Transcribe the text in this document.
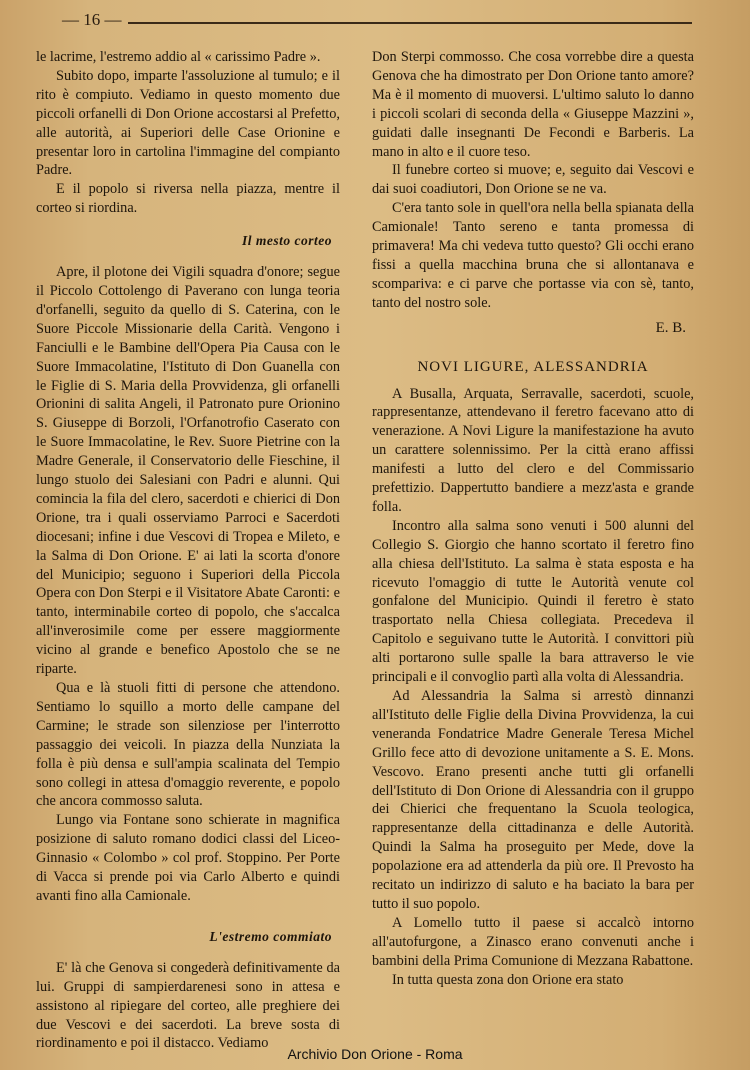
— 16 —

le lacrime, l'estremo addio al « carissimo Padre ».

Subito dopo, imparte l'assoluzione al tumulo; e il rito è compiuto. Vediamo in questo momento due piccoli orfanelli di Don Orione accostarsi al Prefetto, alle autorità, ai Superiori delle Case Orionine e presentar loro in cartolina l'immagine del compianto Padre.

E il popolo si riversa nella piazza, mentre il corteo si riordina.

Il mesto corteo

Apre, il plotone dei Vigili squadra d'onore; segue il Piccolo Cottolengo di Paverano con lunga teoria d'orfanelli, seguito da quello di S. Caterina, con le Suore Piccole Missionarie della Carità. Vengono i Fanciulli e le Bambine dell'Opera Pia Causa con le Suore Immacolatine, l'Istituto di Don Guanella con le Figlie di S. Maria della Provvidenza, gli orfanelli Orionini di salita Angeli, il Patronato pure Orionino S. Giuseppe di Borzoli, l'Orfanotrofio Caserato con le Suore Immacolatine, le Rev. Suore Pietrine con la Madre Generale, il Conservatorio delle Fieschine, il lungo stuolo dei Salesiani con Padri e alunni. Qui comincia la fila del clero, sacerdoti e chierici di Don Orione, tra i quali osserviamo Parroci e Sacerdoti diocesani; infine i due Vescovi di Tropea e Mileto, e la Salma di Don Orione. E' ai lati la scorta d'onore del Municipio; seguono i Superiori della Piccola Opera con Don Sterpi e il Visitatore Abate Caronti: e tanto, interminabile corteo di popolo, che s'accalca all'inverosimile come per essere maggiormente vicino al grande e benefico Apostolo che se ne riparte.

Qua e là stuoli fitti di persone che attendono. Sentiamo lo squillo a morto delle campane del Carmine; le strade son silenziose per l'interrotto passaggio dei veicoli. In piazza della Nunziata la folla è più densa e sull'ampia scalinata del Tempio sono collegi in attesa d'omaggio reverente, e popolo che ancora commosso saluta.

Lungo via Fontane sono schierate in magnifica posizione di saluto romano dodici classi del Liceo-Ginnasio « Colombo » col prof. Stoppino. Per Porte di Vacca si prende poi via Carlo Alberto e quindi avanti fino alla Camionale.

L'estremo commiato

E' là che Genova si congederà definitivamente da lui. Gruppi di sampierdarenesi sono in attesa e assistono al ripiegare del corteo, alle preghiere dei due Vescovi e dei sacerdoti. La breve sosta di riordinamento e poi il distacco. Vediamo

Don Sterpi commosso. Che cosa vorrebbe dire a questa Genova che ha dimostrato per Don Orione tanto amore? Ma è il momento di muoversi. L'ultimo saluto lo danno i piccoli scolari di seconda della « Giuseppe Mazzini », guidati dalle insegnanti De Fecondi e Barberis. La mano in alto e il cuore teso.

Il funebre corteo si muove; e, seguito dai Vescovi e dai suoi coadiutori, Don Orione se ne va.

C'era tanto sole in quell'ora nella bella spianata della Camionale! Tanto sereno e tanta promessa di primavera! Ma chi vedeva tutto questo? Gli occhi erano fissi a quella macchina bruna che si allontanava e scompariva: e ci parve che portasse via con sè, tanto, tanto del nostro sole.

E. B.
NOVI LIGURE, ALESSANDRIA

A Busalla, Arquata, Serravalle, sacerdoti, scuole, rappresentanze, attendevano il feretro facevano atto di venerazione. A Novi Ligure la manifestazione ha avuto un carattere solennissimo. Per la città erano affissi manifesti a lutto del clero e del Commissario prefettizio. Dappertutto bandiere a mezz'asta e grande folla.

Incontro alla salma sono venuti i 500 alunni del Collegio S. Giorgio che hanno scortato il feretro fino alla chiesa dell'Istituto. La salma è stata esposta e ha ricevuto l'omaggio di tutte le Autorità venute col gonfalone del Municipio. Quindi il feretro è stato trasportato nella Chiesa collegiata. Precedeva il Capitolo e seguivano tutte le Autorità. I convittori più alti portarono sulle spalle la bara attraverso le vie principali e il convoglio partì alla volta di Alessandria.

Ad Alessandria la Salma si arrestò dinnanzi all'Istituto delle Figlie della Divina Provvidenza, la cui veneranda Fondatrice Madre Generale Teresa Michel Grillo fece atto di devozione unitamente a S. E. Mons. Vescovo. Erano presenti anche tutti gli orfanelli dell'Istituto di Don Orione di Alessandria con il gruppo dei Chierici che frequentano la Scuola teologica, rappresentanze della cittadinanza e delle Autorità. Quindi la Salma ha proseguito per Mede, dove la popolazione era ad attenderla da più ore. Il Prevosto ha recitato un indirizzo di saluto e ha baciato la bara per tutto il suo popolo.

A Lomello tutto il paese si accalcò intorno all'autofurgone, a Zinasco erano convenuti anche i bambini della Prima Comunione di Mezzana Rabattone.

In tutta questa zona don Orione era stato

Archivio Don Orione - Roma
